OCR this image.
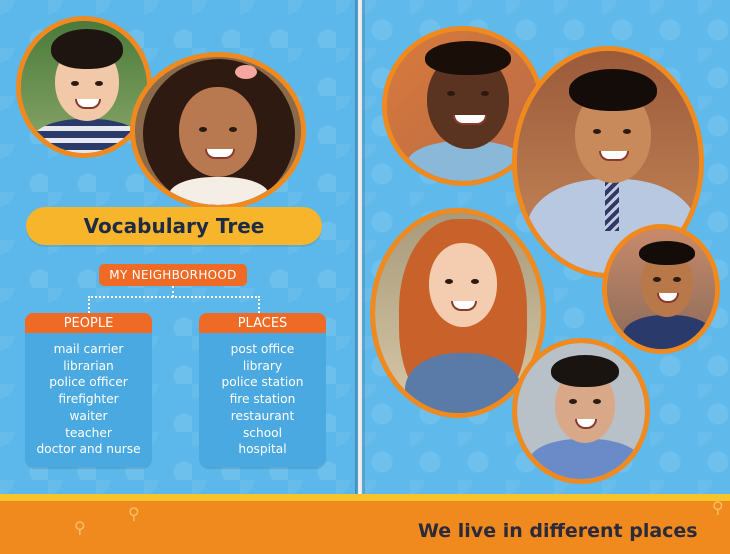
Vocabulary Tree
MY NEIGHBORHOOD
PEOPLE
mail carrier
librarian
police officer
firefighter
waiter
teacher
doctor and nurse
PLACES
post office
library
police station
fire station
restaurant
school
hospital
⚲
⚲	⚲
We live in different places
